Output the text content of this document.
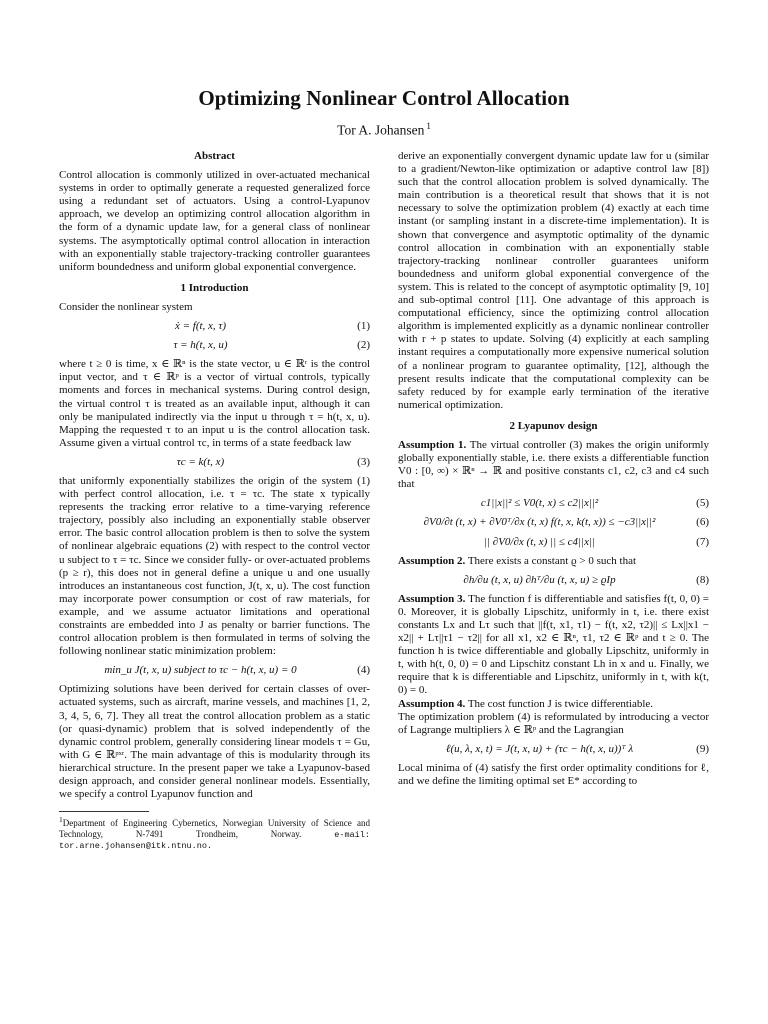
Optimizing Nonlinear Control Allocation
Tor A. Johansen $^1$
Abstract

Control allocation is commonly utilized in over-actuated mechanical systems in order to optimally generate a requested generalized force using a redundant set of actuators. Using a control-Lyapunov approach, we develop an optimizing control allocation algorithm in the form of a dynamic update law, for a general class of nonlinear systems. The asymptotically optimal control allocation in interaction with an exponentially stable trajectory-tracking controller guarantees uniform boundedness and uniform global exponential convergence.

1 Introduction

Consider the nonlinear system

ẋ = f(t, x, τ)	(1)
τ = h(t, x, u)	(2)

where t ≥ 0 is time, x ∈ ℝⁿ is the state vector, u ∈ ℝʳ is the control input vector, and τ ∈ ℝᵖ is a vector of virtual controls, typically moments and forces in mechanical systems. During control design, the virtual control τ is treated as an available input, although it can only be manipulated indirectly via the input u through τ = h(t, x, u). Mapping the requested τ to an input u is the control allocation task. Assume given a virtual control τc, in terms of a state feedback law

τc = k(t, x)	(3)

that uniformly exponentially stabilizes the origin of the system (1) with perfect control allocation, i.e. τ = τc. The state x typically represents the tracking error relative to a time-varying reference trajectory, possibly also including an exponentially stable observer error. The basic control allocation problem is then to solve the system of nonlinear algebraic equations (2) with respect to the control vector u subject to τ = τc. Since we consider fully- or over-actuated problems (p ≥ r), this does not in general define a unique u and one usually introduces an instantaneous cost function, J(t, x, u). The cost function may incorporate power consumption or cost of raw materials, for example, and we assume actuator limitations and operational constraints are embedded into J as penalty or barrier functions. The control allocation problem is then formulated in terms of solving the following nonlinear static minimization problem:

min_u J(t, x, u) subject to τc − h(t, x, u) = 0	(4)

Optimizing solutions have been derived for certain classes of over-actuated systems, such as aircraft, marine vessels, and machines [1, 2, 3, 4, 5, 6, 7]. They all treat the control allocation problem as a static (or quasi-dynamic) problem that is solved independently of the dynamic control problem, generally considering linear models τ = Gu, with G ∈ ℝᵖˣʳ. The main advantage of this is modularity through its hierarchical structure. In the present paper we take a Lyapunov-based design approach, and consider general nonlinear models. Essentially, we specify a control Lyapunov function and

$^1$Department of Engineering Cybernetics, Norwegian University of Science and Technology, N-7491 Trondheim, Norway.	e-mail: tor.arne.johansen@itk.ntnu.no.

derive an exponentially convergent dynamic update law for u (similar to a gradient/Newton-like optimization or adaptive control law [8]) such that the control allocation problem is solved dynamically. The main contribution is a theoretical result that shows that it is not necessary to solve the optimization problem (4) exactly at each time instant (or sampling instant in a discrete-time implementation). It is shown that convergence and asymptotic optimality of the dynamic control allocation in combination with an exponentially stable trajectory-tracking nonlinear controller guarantees uniform boundedness and uniform global exponential convergence of the system. This is related to the concept of asymptotic optimality [9, 10] and sub-optimal control [11]. One advantage of this approach is computational efficiency, since the optimizing control allocation algorithm is implemented explicitly as a dynamic nonlinear controller with r + p states to update. Solving (4) explicitly at each sampling instant requires a computationally more expensive numerical solution of a nonlinear program to guarantee optimality, [12], although the present results indicate that the computational complexity can be safety reduced by for example early termination of the iterative numerical optimization.

2 Lyapunov design

Assumption 1. The virtual controller (3) makes the origin uniformly globally exponentially stable, i.e. there exists a differentiable function V0 : [0, ∞) × ℝⁿ → ℝ and positive constants c1, c2, c3 and c4 such that

c1||x||² ≤ V0(t, x) ≤ c2||x||²	(5)
∂V0/∂t (t, x) + ∂V0ᵀ/∂x (t, x) f(t, x, k(t, x)) ≤ −c3||x||²	(6)
|| ∂V0/∂x (t, x) || ≤ c4||x||	(7)

Assumption 2. There exists a constant ϱ > 0 such that

∂h/∂u (t, x, u) ∂hᵀ/∂u (t, x, u) ≥ ϱIp	(8)

Assumption 3. The function f is differentiable and satisfies f(t, 0, 0) = 0. Moreover, it is globally Lipschitz, uniformly in t, i.e. there exist constants Lx and Lτ such that ||f(t, x1, τ1) − f(t, x2, τ2)|| ≤ Lx||x1 − x2|| + Lτ||τ1 − τ2|| for all x1, x2 ∈ ℝⁿ, τ1, τ2 ∈ ℝᵖ and t ≥ 0. The function h is twice differentiable and globally Lipschitz, uniformly in t, with h(t, 0, 0) = 0 and Lipschitz constant Lh in x and u. Finally, we require that k is differentiable and Lipschitz, uniformly in t, with k(t, 0) = 0.

Assumption 4. The cost function J is twice differentiable.

The optimization problem (4) is reformulated by introducing a vector of Lagrange multipliers λ ∈ ℝᵖ and the Lagrangian

ℓ(u, λ, x, t) = J(t, x, u) + (τc − h(t, x, u))ᵀ λ	(9)

Local minima of (4) satisfy the first order optimality conditions for ℓ, and we define the limiting optimal set E* according to
